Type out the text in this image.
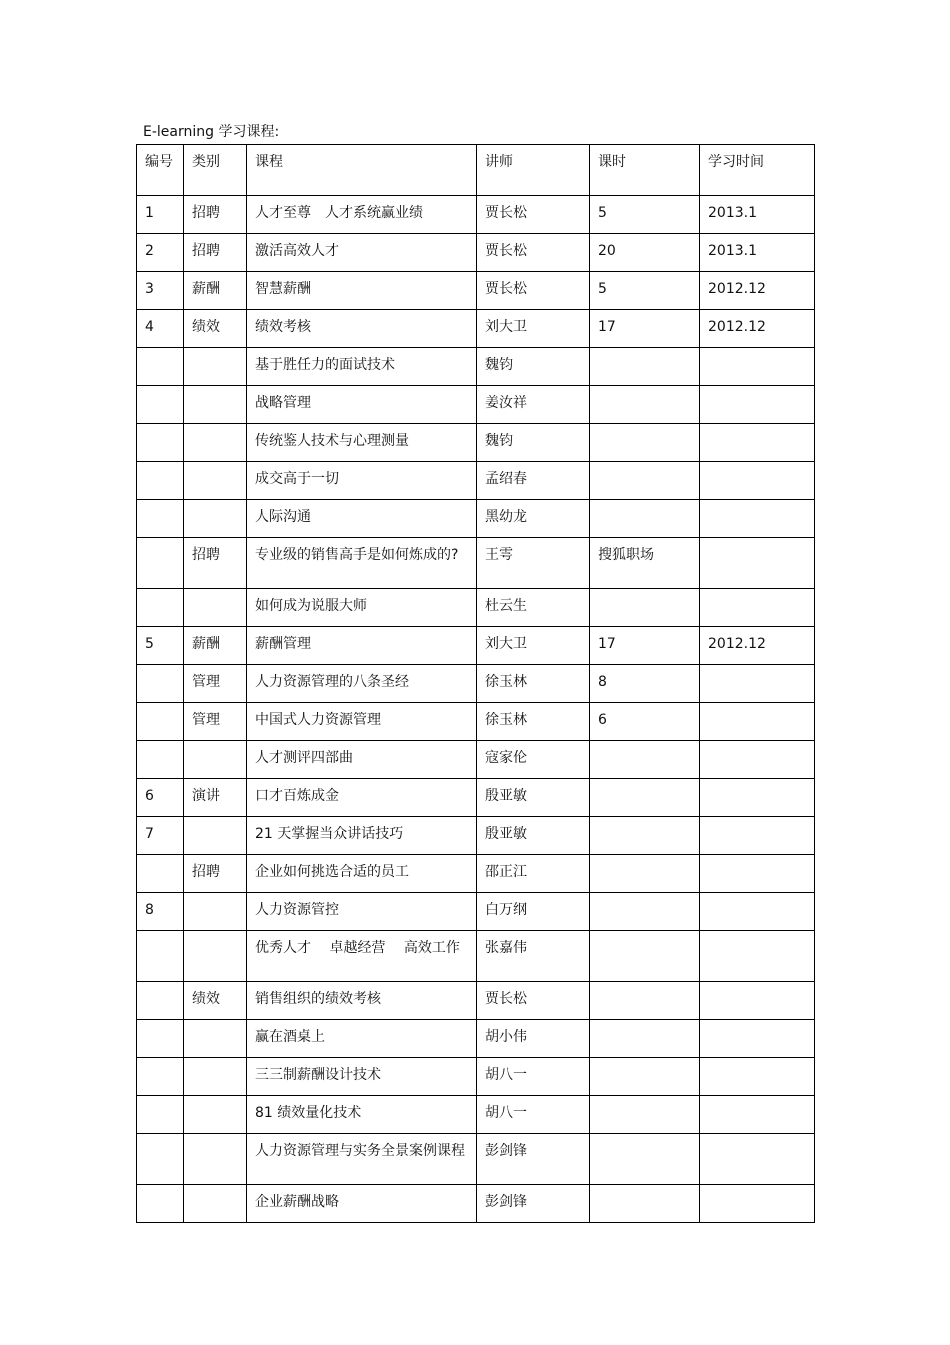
E-learning 学习课程:
编号	类别	课程	讲师	课时	学习时间
1	招聘	人才至尊　人才系统赢业绩	贾长松	5	2013.1
2	招聘	激活高效人才	贾长松	20	2013.1
3	薪酬	智慧薪酬	贾长松	5	2012.12
4	绩效	绩效考核	刘大卫	17	2012.12
		基于胜任力的面试技术	魏钧		
		战略管理	姜汝祥		
		传统鉴人技术与心理测量	魏钧		
		成交高于一切	孟绍春		
		人际沟通	黑幼龙		
	招聘	专业级的销售高手是如何炼成的?	王雩	搜狐职场	
		如何成为说服大师	杜云生		
5	薪酬	薪酬管理	刘大卫	17	2012.12
	管理	人力资源管理的八条圣经	徐玉林	8	
	管理	中国式人力资源管理	徐玉林	6	
		人才测评四部曲	寇家伦		
6	演讲	口才百炼成金	殷亚敏		
7		21 天掌握当众讲话技巧	殷亚敏		
	招聘	企业如何挑选合适的员工	邵正江		
8		人力资源管控	白万纲		
		优秀人才　 卓越经营 　高效工作	张嘉伟		
	绩效	销售组织的绩效考核	贾长松		
		赢在酒桌上	胡小伟		
		三三制薪酬设计技术	胡八一		
		81 绩效量化技术	胡八一		
		人力资源管理与实务全景案例课程	彭剑锋		
		企业薪酬战略	彭剑锋		
